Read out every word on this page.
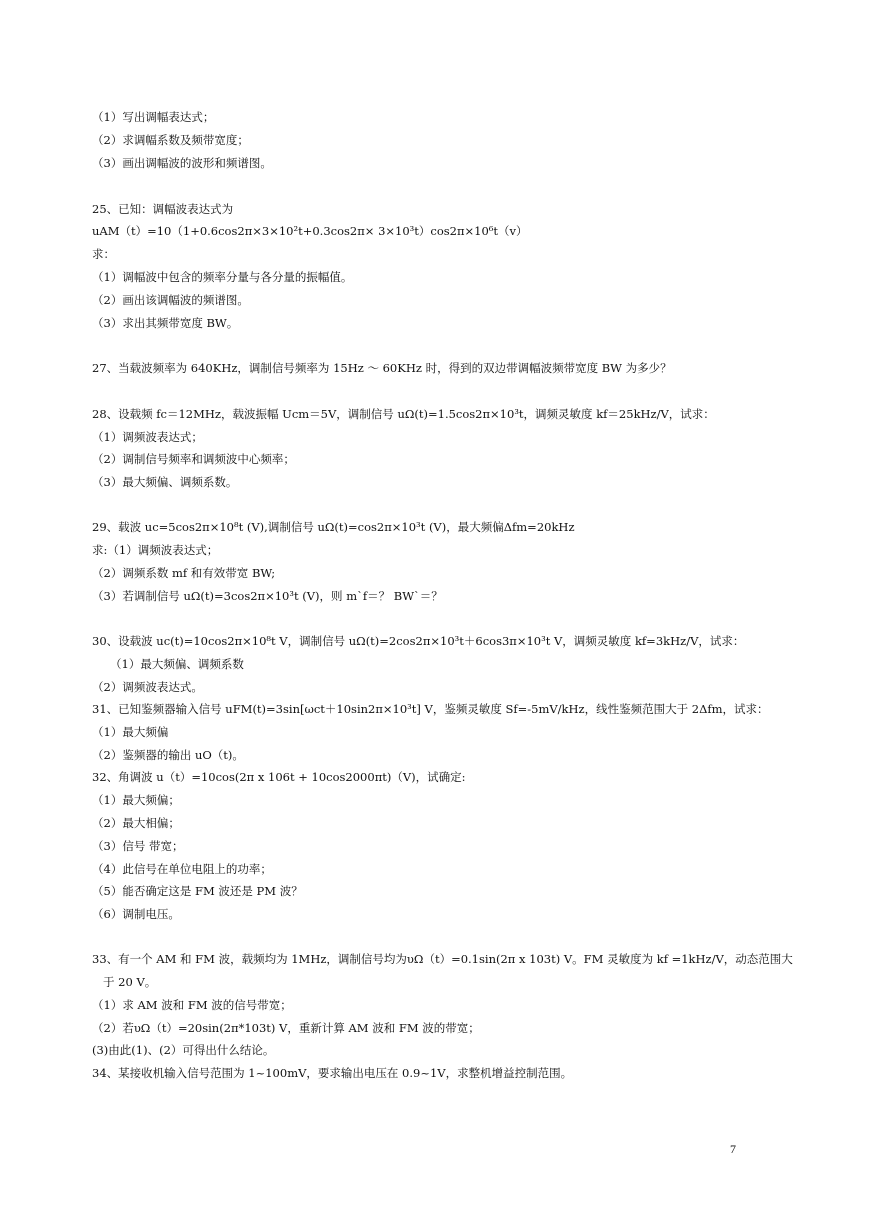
（1）写出调幅表达式；
（2）求调幅系数及频带宽度；
（3）画出调幅波的波形和频谱图。
25、已知：调幅波表达式为
uAM（t）=10（1+0.6cos2π×3×10²t+0.3cos2π× 3×10³t）cos2π×10⁶t（v）
求：
（1）调幅波中包含的频率分量与各分量的振幅值。
（2）画出该调幅波的频谱图。
（3）求出其频带宽度 BW。
27、当载波频率为 640KHz，调制信号频率为 15Hz ～ 60KHz 时，得到的双边带调幅波频带宽度 BW 为多少？
28、设载频 fc＝12MHz，载波振幅 Ucm＝5V，调制信号 uΩ(t)=1.5cos2π×10³t，调频灵敏度 kf＝25kHz/V，试求：
（1）调频波表达式；
（2）调制信号频率和调频波中心频率；
（3）最大频偏、调频系数。
29、载波 uc=5cos2π×10⁸t (V),调制信号 uΩ(t)=cos2π×10³t (V)，最大频偏Δfm=20kHz
求:（1）调频波表达式；
（2）调频系数 mf 和有效带宽 BW;
（3）若调制信号 uΩ(t)=3cos2π×10³t (V)，则 m`f＝？ BW`＝？
30、设载波 uc(t)=10cos2π×10⁸t V，调制信号 uΩ(t)=2cos2π×10³t＋6cos3π×10³t V，调频灵敏度 kf=3kHz/V，试求：
（1）最大频偏、调频系数
（2）调频波表达式。
31、已知鉴频器输入信号 uFM(t)=3sin[ωct＋10sin2π×10³t] V，鉴频灵敏度 Sf=-5mV/kHz，线性鉴频范围大于 2Δfm，试求：
（1）最大频偏
（2）鉴频器的输出 uO（t)。
32、角调波 u（t）=10cos(2π x 106t + 10cos2000πt)（V)，试确定:
（1）最大频偏；
（2）最大相偏；
（3）信号 带宽；
（4）此信号在单位电阻上的功率；
（5）能否确定这是 FM 波还是 PM 波？
（6）调制电压。
33、有一个 AM 和 FM 波，载频均为 1MHz，调制信号均为υΩ（t）=0.1sin(2π x 103t) V。FM 灵敏度为 kf =1kHz/V，动态范围大
于 20 V。
（1）求 AM 波和 FM 波的信号带宽；
（2）若υΩ（t）=20sin(2π*103t) V，重新计算 AM 波和 FM 波的带宽；
(3)由此(1)、(2）可得出什么结论。
34、某接收机输入信号范围为 1~100mV，要求输出电压在 0.9~1V，求整机增益控制范围。
7
